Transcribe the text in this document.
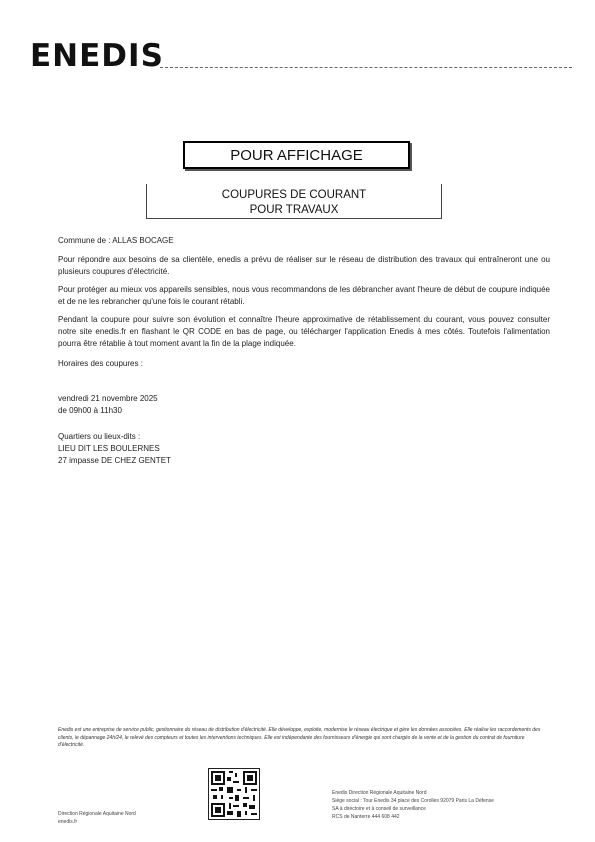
ENEDIS
POUR AFFICHAGE
COUPURES DE COURANT
POUR TRAVAUX
Commune de : ALLAS BOCAGE

Pour répondre aux besoins de sa clientèle, enedis a prévu de réaliser sur le réseau de distribution des travaux qui entraîneront une ou plusieurs coupures d'électricité.

Pour protéger au mieux vos appareils sensibles, nous vous recommandons de les débrancher avant l'heure de début de coupure indiquée et de ne les rebrancher qu'une fois le courant rétabli.

Pendant la coupure pour suivre son évolution et connaître l'heure approximative de rétablissement du courant, vous pouvez consulter notre site enedis.fr en flashant le QR CODE en bas de page, ou télécharger l'application Enedis à mes côtés. Toutefois l'alimentation pourra être rétablie à tout moment avant la fin de la plage indiquée.

Horaires des coupures :
vendredi 21 novembre 2025
de 09h00 à 11h30
Quartiers ou lieux-dits :
LIEU DIT LES BOULERNES
27 impasse DE CHEZ GENTET

Enedis est une entreprise de service public, gestionnaire du réseau de distribution d'électricité. Elle développe, exploite, modernise le réseau électrique et gère les données associées. Elle réalise les raccordements des clients, le dépannage 24h/24, le relevé des compteurs et toutes les interventions techniques. Elle est indépendante des fournisseurs d'énergie qui sont chargés de la vente et de la gestion du contrat de fourniture d'électricité.

Direction Régionale Aquitaine Nord
enedis.fr
Enedis Direction Régionale Aquitaine Nord
Siège social : Tour Enedis 34 place des Corolles 92079 Paris La Défense
SA à directoire et à conseil de surveillance
RCS de Nanterre 444 608 442
